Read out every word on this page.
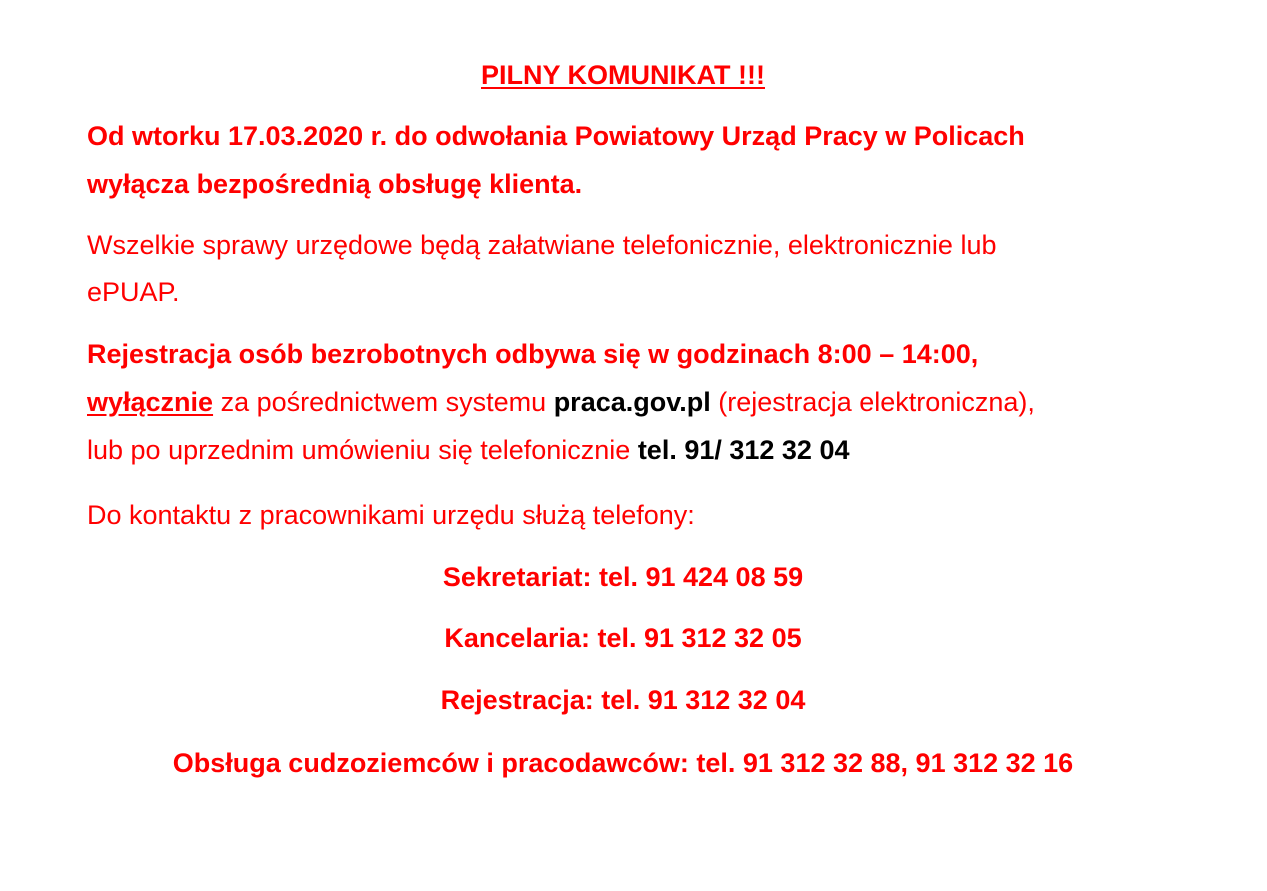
PILNY KOMUNIKAT !!!
Od wtorku 17.03.2020 r. do odwołania Powiatowy Urząd Pracy w Policach
wyłącza bezpośrednią obsługę klienta.
Wszelkie sprawy urzędowe będą załatwiane telefonicznie, elektronicznie lub
ePUAP.
Rejestracja osób bezrobotnych odbywa się w godzinach 8:00 – 14:00,
wyłącznie za pośrednictwem systemu praca.gov.pl (rejestracja elektroniczna),
lub po uprzednim umówieniu się telefonicznie tel. 91/ 312 32 04
Do kontaktu z pracownikami urzędu służą telefony:
Sekretariat: tel. 91 424 08 59
Kancelaria: tel. 91 312 32 05
Rejestracja: tel. 91 312 32 04
Obsługa cudzoziemców i pracodawców: tel. 91 312 32 88, 91 312 32 16
